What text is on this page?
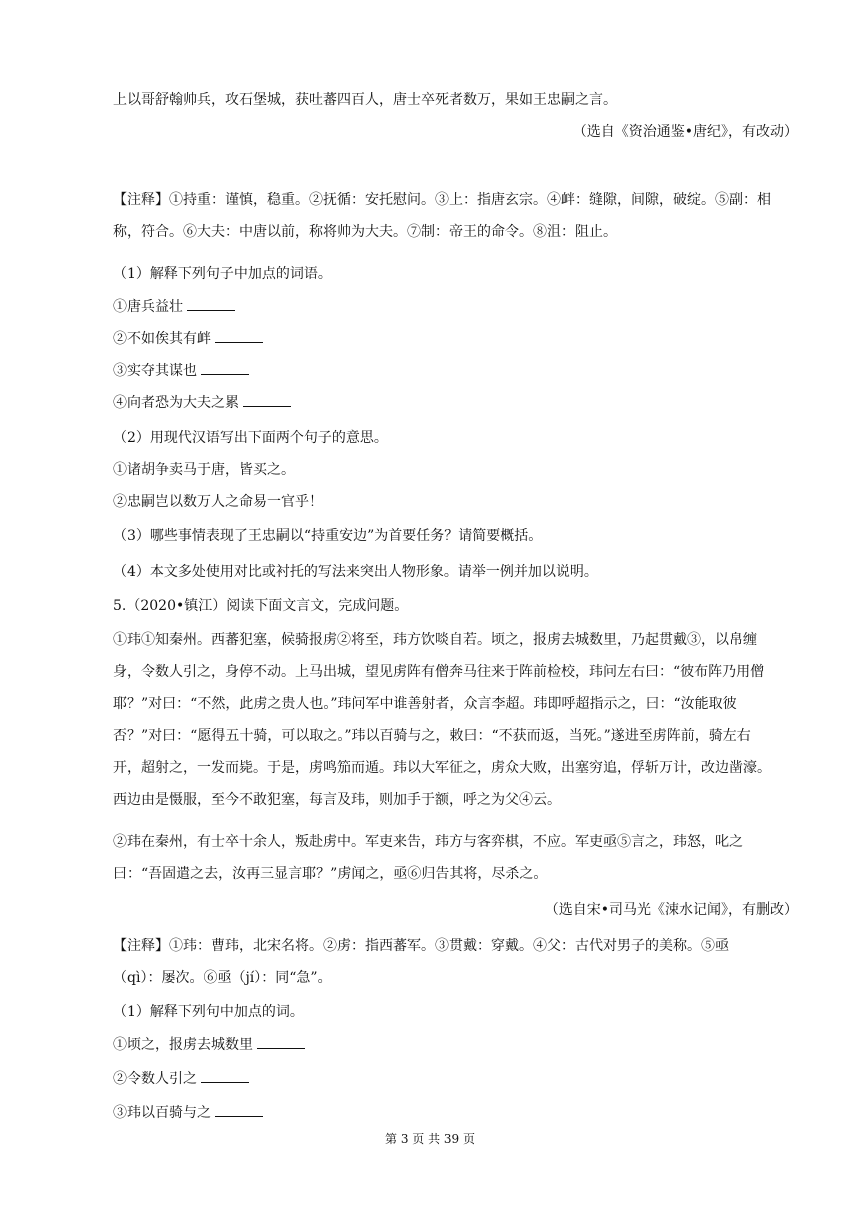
上以哥舒翰帅兵，攻石堡城，获吐蕃四百人，唐士卒死者数万，果如王忠嗣之言。
（选自《资治通鉴•唐纪》，有改动）
【注释】①持重：谨慎，稳重。②抚循：安托慰问。③上：指唐玄宗。④衅：缝隙，间隙，破绽。⑤副：相称，符合。⑥大夫：中唐以前，称将帅为大夫。⑦制：帝王的命令。⑧沮：阻止。
（1）解释下列句子中加点的词语。
①唐兵益壮
②不如俟其有衅
③实夺其谋也
④向者恐为大夫之累
（2）用现代汉语写出下面两个句子的意思。
①诸胡争卖马于唐，皆买之。
②忠嗣岂以数万人之命易一官乎！
（3）哪些事情表现了王忠嗣以“持重安边”为首要任务？请简要概括。
（4）本文多处使用对比或衬托的写法来突出人物形象。请举一例并加以说明。
5.（2020•镇江）阅读下面文言文，完成问题。
①玮①知秦州。西蕃犯塞，候骑报虏②将至，玮方饮啖自若。顷之，报虏去城数里，乃起贯戴③，以帛缠身，令数人引之，身停不动。上马出城，望见虏阵有僧奔马往来于阵前检校，玮问左右曰：“彼布阵乃用僧耶？”对曰：“不然，此虏之贵人也。”玮问军中谁善射者，众言李超。玮即呼超指示之，曰：“汝能取彼否？”对曰：“愿得五十骑，可以取之。”玮以百骑与之，敕曰：“不获而返，当死。”遂进至虏阵前，骑左右开，超射之，一发而毙。于是，虏鸣笳而遁。玮以大军征之，虏众大败，出塞穷追，俘斩万计，改边凿濠。西边由是慑服，至今不敢犯塞，每言及玮，则加手于额，呼之为父④云。
②玮在秦州，有士卒十余人，叛赴虏中。军吏来告，玮方与客弈棋，不应。军吏亟⑤言之，玮怒，叱之曰：“吾固遣之去，汝再三显言耶？”虏闻之，亟⑥归告其将，尽杀之。
（选自宋•司马光《涑水记闻》，有删改）
【注释】①玮：曹玮，北宋名将。②虏：指西蕃军。③贯戴：穿戴。④父：古代对男子的美称。⑤亟（qì）：屡次。⑥亟（jí）：同“急”。
（1）解释下列句中加点的词。
①顷之，报虏去城数里
②令数人引之
③玮以百骑与之
第 3 页 共 39 页
